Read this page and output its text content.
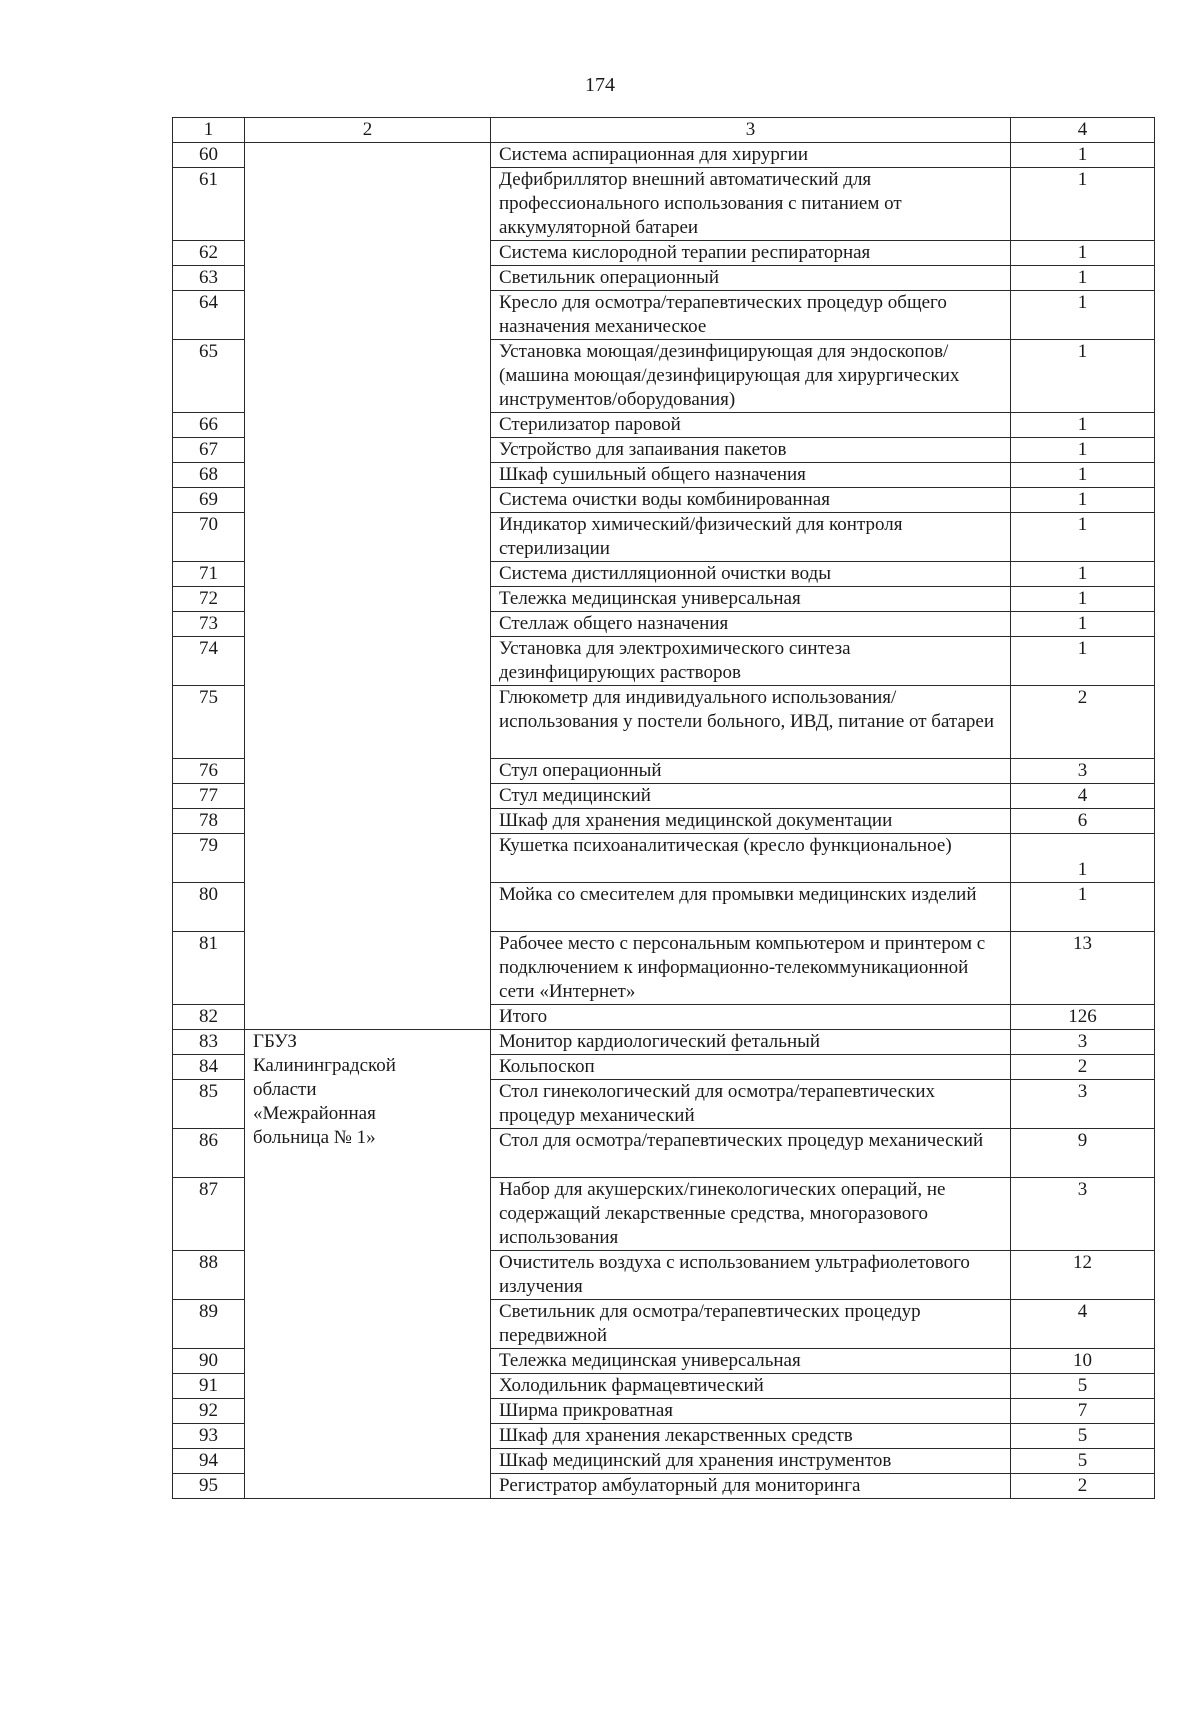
174
1	2	3	4
60		Система аспирационная для хирургии	1
61		Дефибриллятор внешний автоматический для профессионального использования с питанием от аккумуляторной батареи	1
62		Система кислородной терапии респираторная	1
63		Светильник операционный	1
64		Кресло для осмотра/терапевтических процедур общего назначения механическое	1
65		Установка моющая/дезинфицирующая для эндоскопов/ (машина моющая/дезинфицирующая для хирургических инструментов/оборудования)	1
66		Стерилизатор паровой	1
67		Устройство для запаивания пакетов	1
68		Шкаф сушильный общего назначения	1
69		Система очистки воды комбинированная	1
70		Индикатор химический/физический для контроля стерилизации	1
71		Система дистилляционной очистки воды	1
72		Тележка медицинская универсальная	1
73		Стеллаж общего назначения	1
74		Установка для электрохимического синтеза дезинфицирующих растворов	1
75		Глюкометр для индивидуального использования/использования у постели больного, ИВД, питание от батареи	2
76		Стул операционный	3
77		Стул медицинский	4
78		Шкаф для хранения медицинской документации	6
79		Кушетка психоаналитическая (кресло функциональное)	1
80		Мойка со смесителем для промывки медицинских изделий	1
81		Рабочее место с персональным компьютером и принтером с подключением к информационно-телекоммуникационной сети «Интернет»	13
82		Итого	126
83	ГБУЗ
Калининградской
области
«Межрайонная
больница № 1»	Монитор кардиологический фетальный	3
84		Кольпоскоп	2
85		Стол гинекологический для осмотра/терапевтических процедур механический	3
86		Стол для осмотра/терапевтических процедур механический	9
87		Набор для акушерских/гинекологических операций, не содержащий лекарственные средства, многоразового использования	3
88		Очиститель воздуха с использованием ультрафиолетового излучения	12
89		Светильник для осмотра/терапевтических процедур передвижной	4
90		Тележка медицинская универсальная	10
91		Холодильник фармацевтический	5
92		Ширма прикроватная	7
93		Шкаф для хранения лекарственных средств	5
94		Шкаф медицинский для хранения инструментов	5
95		Регистратор амбулаторный для мониторинга	2
